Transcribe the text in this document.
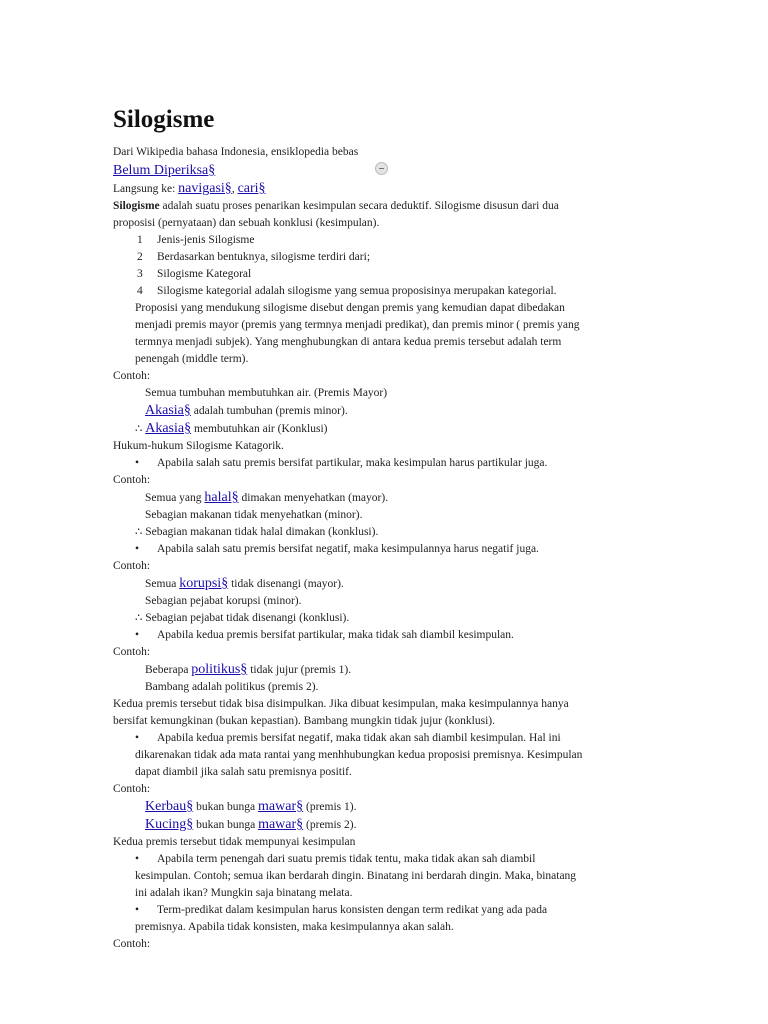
Silogisme
Dari Wikipedia bahasa Indonesia, ensiklopedia bebas
Belum Diperiksa§
Langsung ke: navigasi§, cari§
Silogisme adalah suatu proses penarikan kesimpulan secara deduktif. Silogisme disusun dari dua
proposisi (pernyataan) dan sebuah konklusi (kesimpulan).
1	Jenis-jenis Silogisme
2	Berdasarkan bentuknya, silogisme terdiri dari;
3	Silogisme Kategoral
4	Silogisme kategorial adalah silogisme yang semua proposisinya merupakan kategorial.
Proposisi yang mendukung silogisme disebut dengan premis yang kemudian dapat dibedakan
menjadi premis mayor (premis yang termnya menjadi predikat), dan premis minor ( premis yang
termnya menjadi subjek). Yang menghubungkan di antara kedua premis tersebut adalah term
penengah (middle term).
Contoh:
Semua tumbuhan membutuhkan air. (Premis Mayor)
Akasia§ adalah tumbuhan (premis minor).
∴ Akasia§ membutuhkan air (Konklusi)
Hukum-hukum Silogisme Katagorik.
•	Apabila salah satu premis bersifat partikular, maka kesimpulan harus partikular juga.
Contoh:
Semua yang halal§ dimakan menyehatkan (mayor).
Sebagian makanan tidak menyehatkan (minor).
∴ Sebagian makanan tidak halal dimakan (konklusi).
•	Apabila salah satu premis bersifat negatif, maka kesimpulannya harus negatif juga.
Contoh:
Semua korupsi§ tidak disenangi (mayor).
Sebagian pejabat korupsi (minor).
∴ Sebagian pejabat tidak disenangi (konklusi).
•	Apabila kedua premis bersifat partikular, maka tidak sah diambil kesimpulan.
Contoh:
Beberapa politikus§ tidak jujur (premis 1).
Bambang adalah politikus (premis 2).
Kedua premis tersebut tidak bisa disimpulkan. Jika dibuat kesimpulan, maka kesimpulannya hanya
bersifat kemungkinan (bukan kepastian). Bambang mungkin tidak jujur (konklusi).
•	Apabila kedua premis bersifat negatif, maka tidak akan sah diambil kesimpulan. Hal ini
dikarenakan tidak ada mata rantai yang menhhubungkan kedua proposisi premisnya. Kesimpulan
dapat diambil jika salah satu premisnya positif.
Contoh:
Kerbau§ bukan bunga mawar§ (premis 1).
Kucing§ bukan bunga mawar§ (premis 2).
Kedua premis tersebut tidak mempunyai kesimpulan
•	Apabila term penengah dari suatu premis tidak tentu, maka tidak akan sah diambil
kesimpulan. Contoh; semua ikan berdarah dingin. Binatang ini berdarah dingin. Maka, binatang
ini adalah ikan? Mungkin saja binatang melata.
•	Term-predikat dalam kesimpulan harus konsisten dengan term redikat yang ada pada
premisnya. Apabila tidak konsisten, maka kesimpulannya akan salah.
Contoh:
